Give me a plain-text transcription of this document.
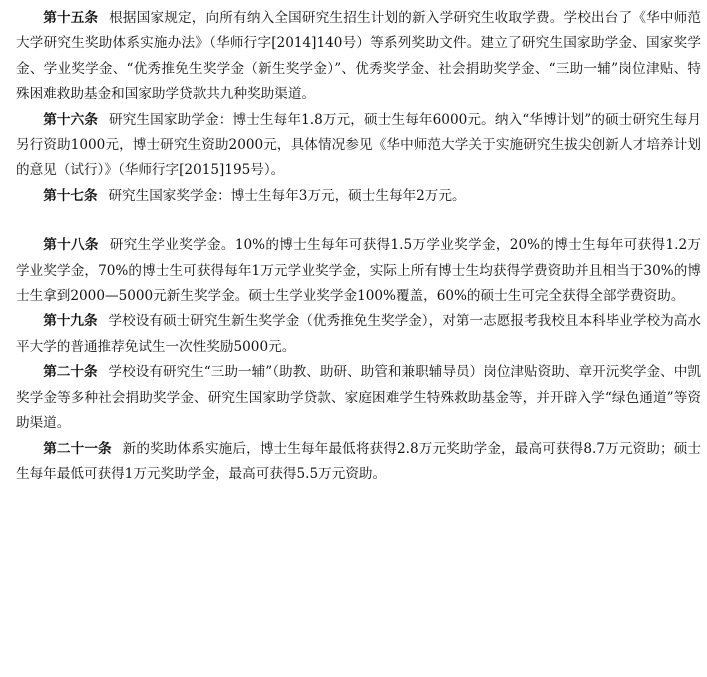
第十五条 根据国家规定，向所有纳入全国研究生招生计划的新入学研究生收取学费。学校出台了《华中师范大学研究生奖助体系实施办法》（华师行字[2014]140号）等系列奖助文件。建立了研究生国家助学金、国家奖学金、学业奖学金、“优秀推免生奖学金（新生奖学金）”、优秀奖学金、社会捐助奖学金、“三助一辅”岗位津贴、特殊困难救助基金和国家助学贷款共九种奖助渠道。

第十六条 研究生国家助学金：博士生每年1.8万元，硕士生每年6000元。纳入“华博计划”的硕士研究生每月另行资助1000元，博士研究生资助2000元，具体情况参见《华中师范大学关于实施研究生拔尖创新人才培养计划的意见（试行）》（华师行字[2015]195号）。

第十七条 研究生国家奖学金：博士生每年3万元，硕士生每年2万元。

第十八条 研究生学业奖学金。10%的博士生每年可获得1.5万学业奖学金，20%的博士生每年可获得1.2万学业奖学金，70%的博士生可获得每年1万元学业奖学金，实际上所有博士生均获得学费资助并且相当于30%的博士生拿到2000—5000元新生奖学金。硕士生学业奖学金100%覆盖，60%的硕士生可完全获得全部学费资助。

第十九条 学校设有硕士研究生新生奖学金（优秀推免生奖学金），对第一志愿报考我校且本科毕业学校为高水平大学的普通推荐免试生一次性奖励5000元。

第二十条 学校设有研究生“三助一辅”（助教、助研、助管和兼职辅导员）岗位津贴资助、章开沅奖学金、中凯奖学金等多种社会捐助奖学金、研究生国家助学贷款、家庭困难学生特殊救助基金等，并开辟入学“绿色通道”等资助渠道。

第二十一条 新的奖助体系实施后，博士生每年最低将获得2.8万元奖助学金，最高可获得8.7万元资助；硕士生每年最低可获得1万元奖助学金，最高可获得5.5万元资助。
